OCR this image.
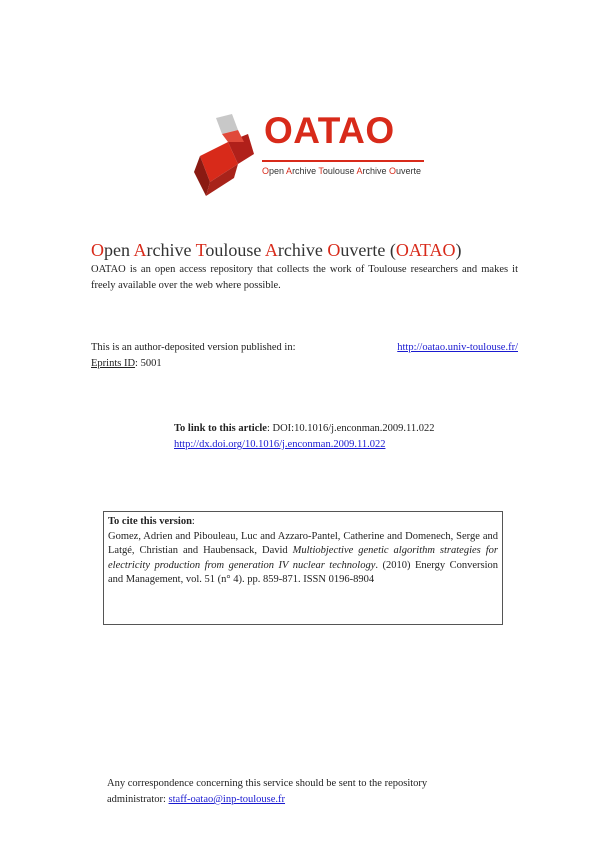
OATAO
Open Archive Toulouse Archive Ouverte
Open Archive Toulouse Archive Ouverte (OATAO)
OATAO is an open access repository that collects the work of Toulouse researchers and makes it freely available over the web where possible.
This is an author-deposited version published in:	http://oatao.univ-toulouse.fr/
Eprints ID: 5001
To link to this article: DOI:10.1016/j.enconman.2009.11.022
http://dx.doi.org/10.1016/j.enconman.2009.11.022
To cite this version:
Gomez, Adrien and Pibouleau, Luc and Azzaro-Pantel, Catherine and Domenech, Serge and Latgé, Christian and Haubensack, David Multiobjective genetic algorithm strategies for electricity production from generation IV nuclear technology. (2010) Energy Conversion and Management, vol. 51 (n° 4). pp. 859-871. ISSN 0196-8904
Any correspondence concerning this service should be sent to the repository administrator: staff-oatao@inp-toulouse.fr
